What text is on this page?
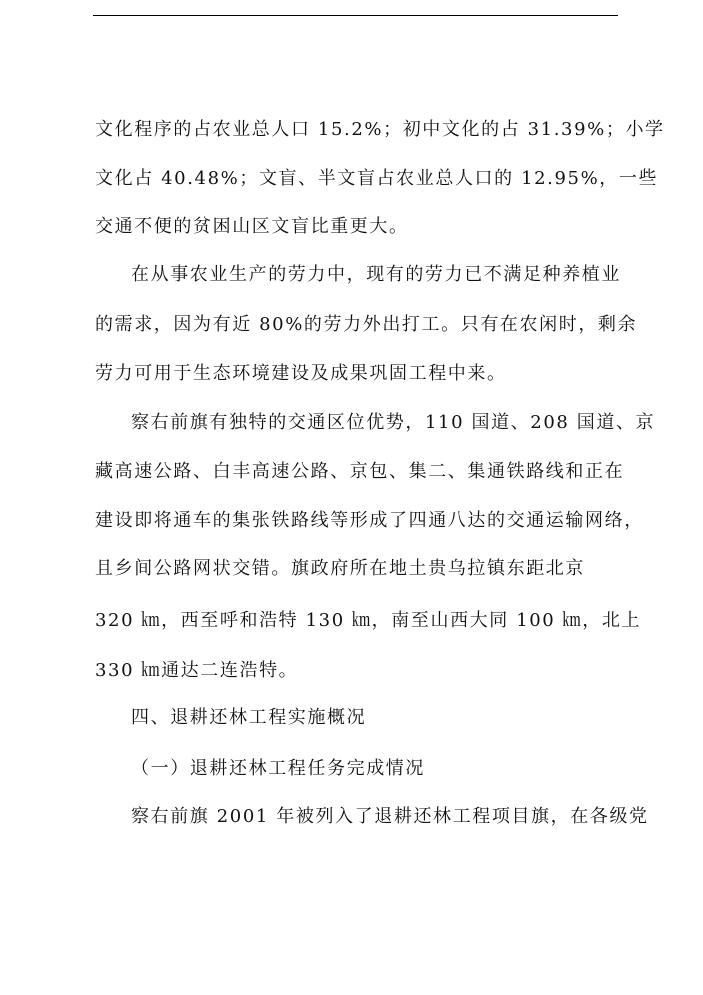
文化程序的占农业总人口 15.2%；初中文化的占 31.39%；小学
文化占 40.48%；文盲、半文盲占农业总人口的 12.95%，一些
交通不便的贫困山区文盲比重更大。
在从事农业生产的劳力中，现有的劳力已不满足种养植业
的需求，因为有近 80%的劳力外出打工。只有在农闲时，剩余
劳力可用于生态环境建设及成果巩固工程中来。
察右前旗有独特的交通区位优势，110 国道、208 国道、京
藏高速公路、白丰高速公路、京包、集二、集通铁路线和正在
建设即将通车的集张铁路线等形成了四通八达的交通运输网络，
且乡间公路网状交错。旗政府所在地土贵乌拉镇东距北京
320 ㎞，西至呼和浩特 130 ㎞，南至山西大同 100 ㎞，北上
330 ㎞通达二连浩特。
四、退耕还林工程实施概况
（一）退耕还林工程任务完成情况
察右前旗 2001 年被列入了退耕还林工程项目旗，在各级党
